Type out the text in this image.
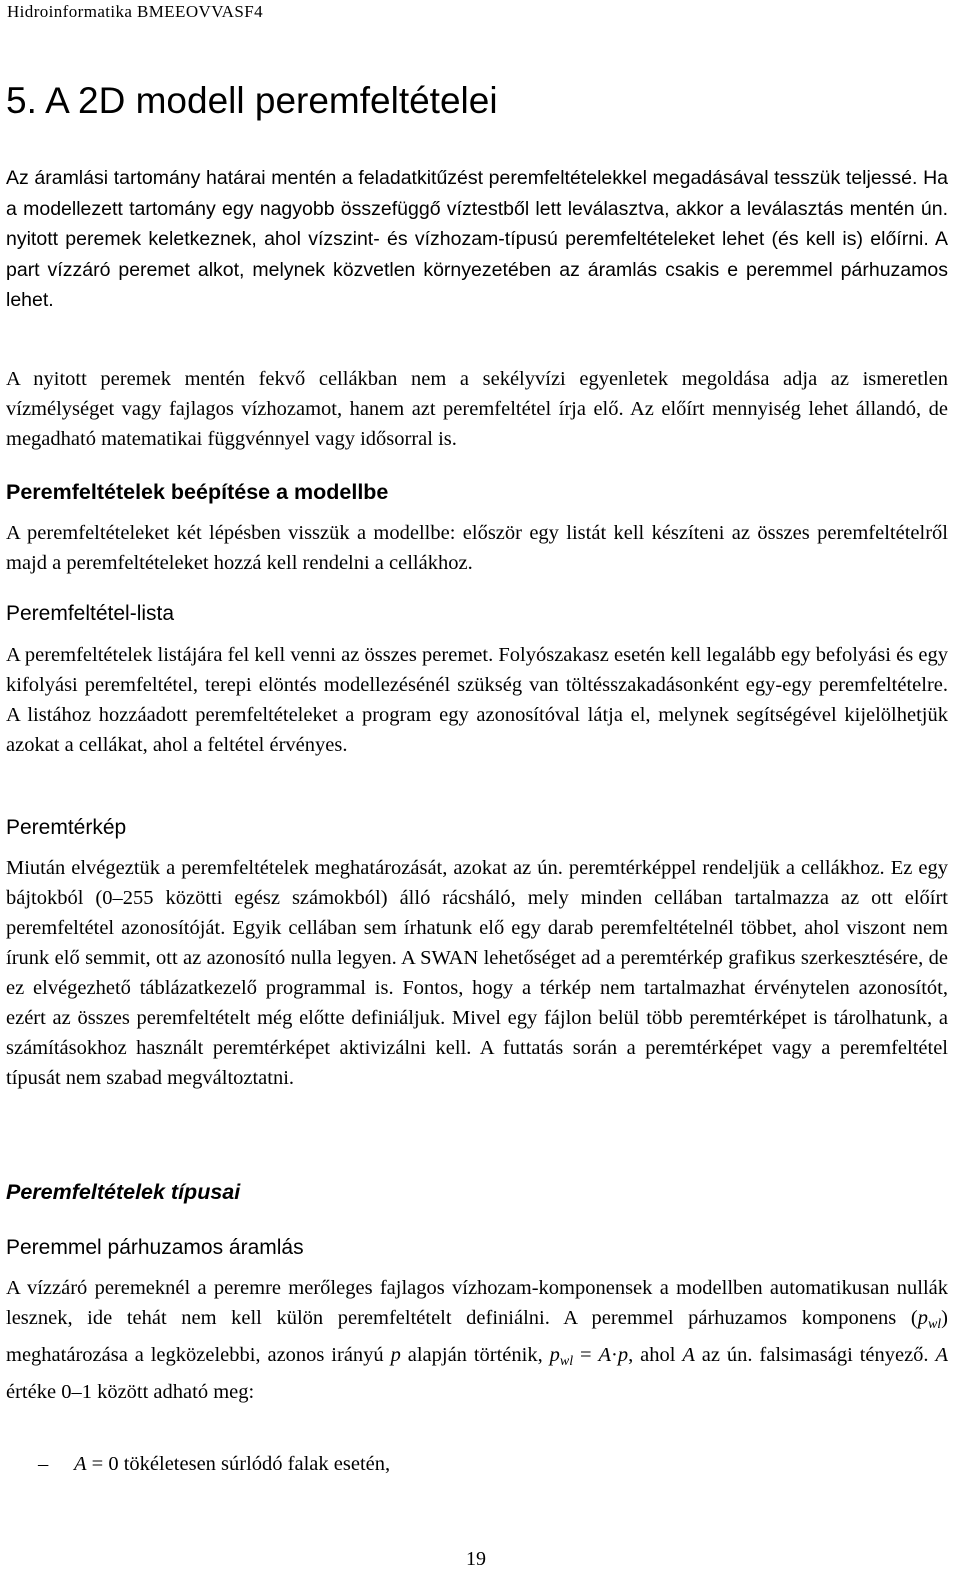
Hidroinformatika BMEEOVVASF4
5. A 2D modell peremfeltételei

Az áramlási tartomány határai mentén a feladatkitűzést peremfeltételekkel megadásával tesszük teljessé. Ha a modellezett tartomány egy nagyobb összefüggő víztestből lett leválasztva, akkor a leválasztás mentén ún. nyitott peremek keletkeznek, ahol vízszint- és vízhozam-típusú peremfeltételeket lehet (és kell is) előírni. A part vízzáró peremet alkot, melynek közvetlen környezetében az áramlás csakis e peremmel párhuzamos lehet.

A nyitott peremek mentén fekvő cellákban nem a sekélyvízi egyenletek megoldása adja az ismeretlen vízmélységet vagy fajlagos vízhozamot, hanem azt peremfeltétel írja elő. Az előírt mennyiség lehet állandó, de megadható matematikai függvénnyel vagy idősorral is.

Peremfeltételek beépítése a modellbe

A peremfeltételeket két lépésben visszük a modellbe: először egy listát kell készíteni az összes peremfeltételről majd a peremfeltételeket hozzá kell rendelni a cellákhoz.

Peremfeltétel-lista

A peremfeltételek listájára fel kell venni az összes peremet. Folyószakasz esetén kell legalább egy befolyási és egy kifolyási peremfeltétel, terepi elöntés modellezésénél szükség van töltésszakadásonként egy-egy peremfeltételre. A listához hozzáadott peremfeltételeket a program egy azonosítóval látja el, melynek segítségével kijelölhetjük azokat a cellákat, ahol a feltétel érvényes.

Peremtérkép

Miután elvégeztük a peremfeltételek meghatározását, azokat az ún. peremtérképpel rendeljük a cellákhoz. Ez egy bájtokból (0–255 közötti egész számokból) álló rácsháló, mely minden cellában tartalmazza az ott előírt peremfeltétel azonosítóját. Egyik cellában sem írhatunk elő egy darab peremfeltételnél többet, ahol viszont nem írunk elő semmit, ott az azonosító nulla legyen. A SWAN lehetőséget ad a peremtérkép grafikus szerkesztésére, de ez elvégezhető táblázatkezelő programmal is. Fontos, hogy a térkép nem tartalmazhat érvénytelen azonosítót, ezért az összes peremfeltételt még előtte definiáljuk. Mivel egy fájlon belül több peremtérképet is tárolhatunk, a számításokhoz használt peremtérképet aktivizálni kell. A futtatás során a peremtérképet vagy a peremfeltétel típusát nem szabad megváltoztatni.

Peremfeltételek típusai
Peremmel párhuzamos áramlás

A vízzáró peremeknél a peremre merőleges fajlagos vízhozam-komponensek a modellben automatikusan nullák lesznek, ide tehát nem kell külön peremfeltételt definiálni. A peremmel párhuzamos komponens $(p_{wl})$ meghatározása a legközelebbi, azonos irányú p alapján történik, $p_{wl} = A\cdot p$, ahol A az ún. falsimasági tényező. A értéke 0–1 között adható meg:

– A = 0 tökéletesen súrlódó falak esetén,
19
